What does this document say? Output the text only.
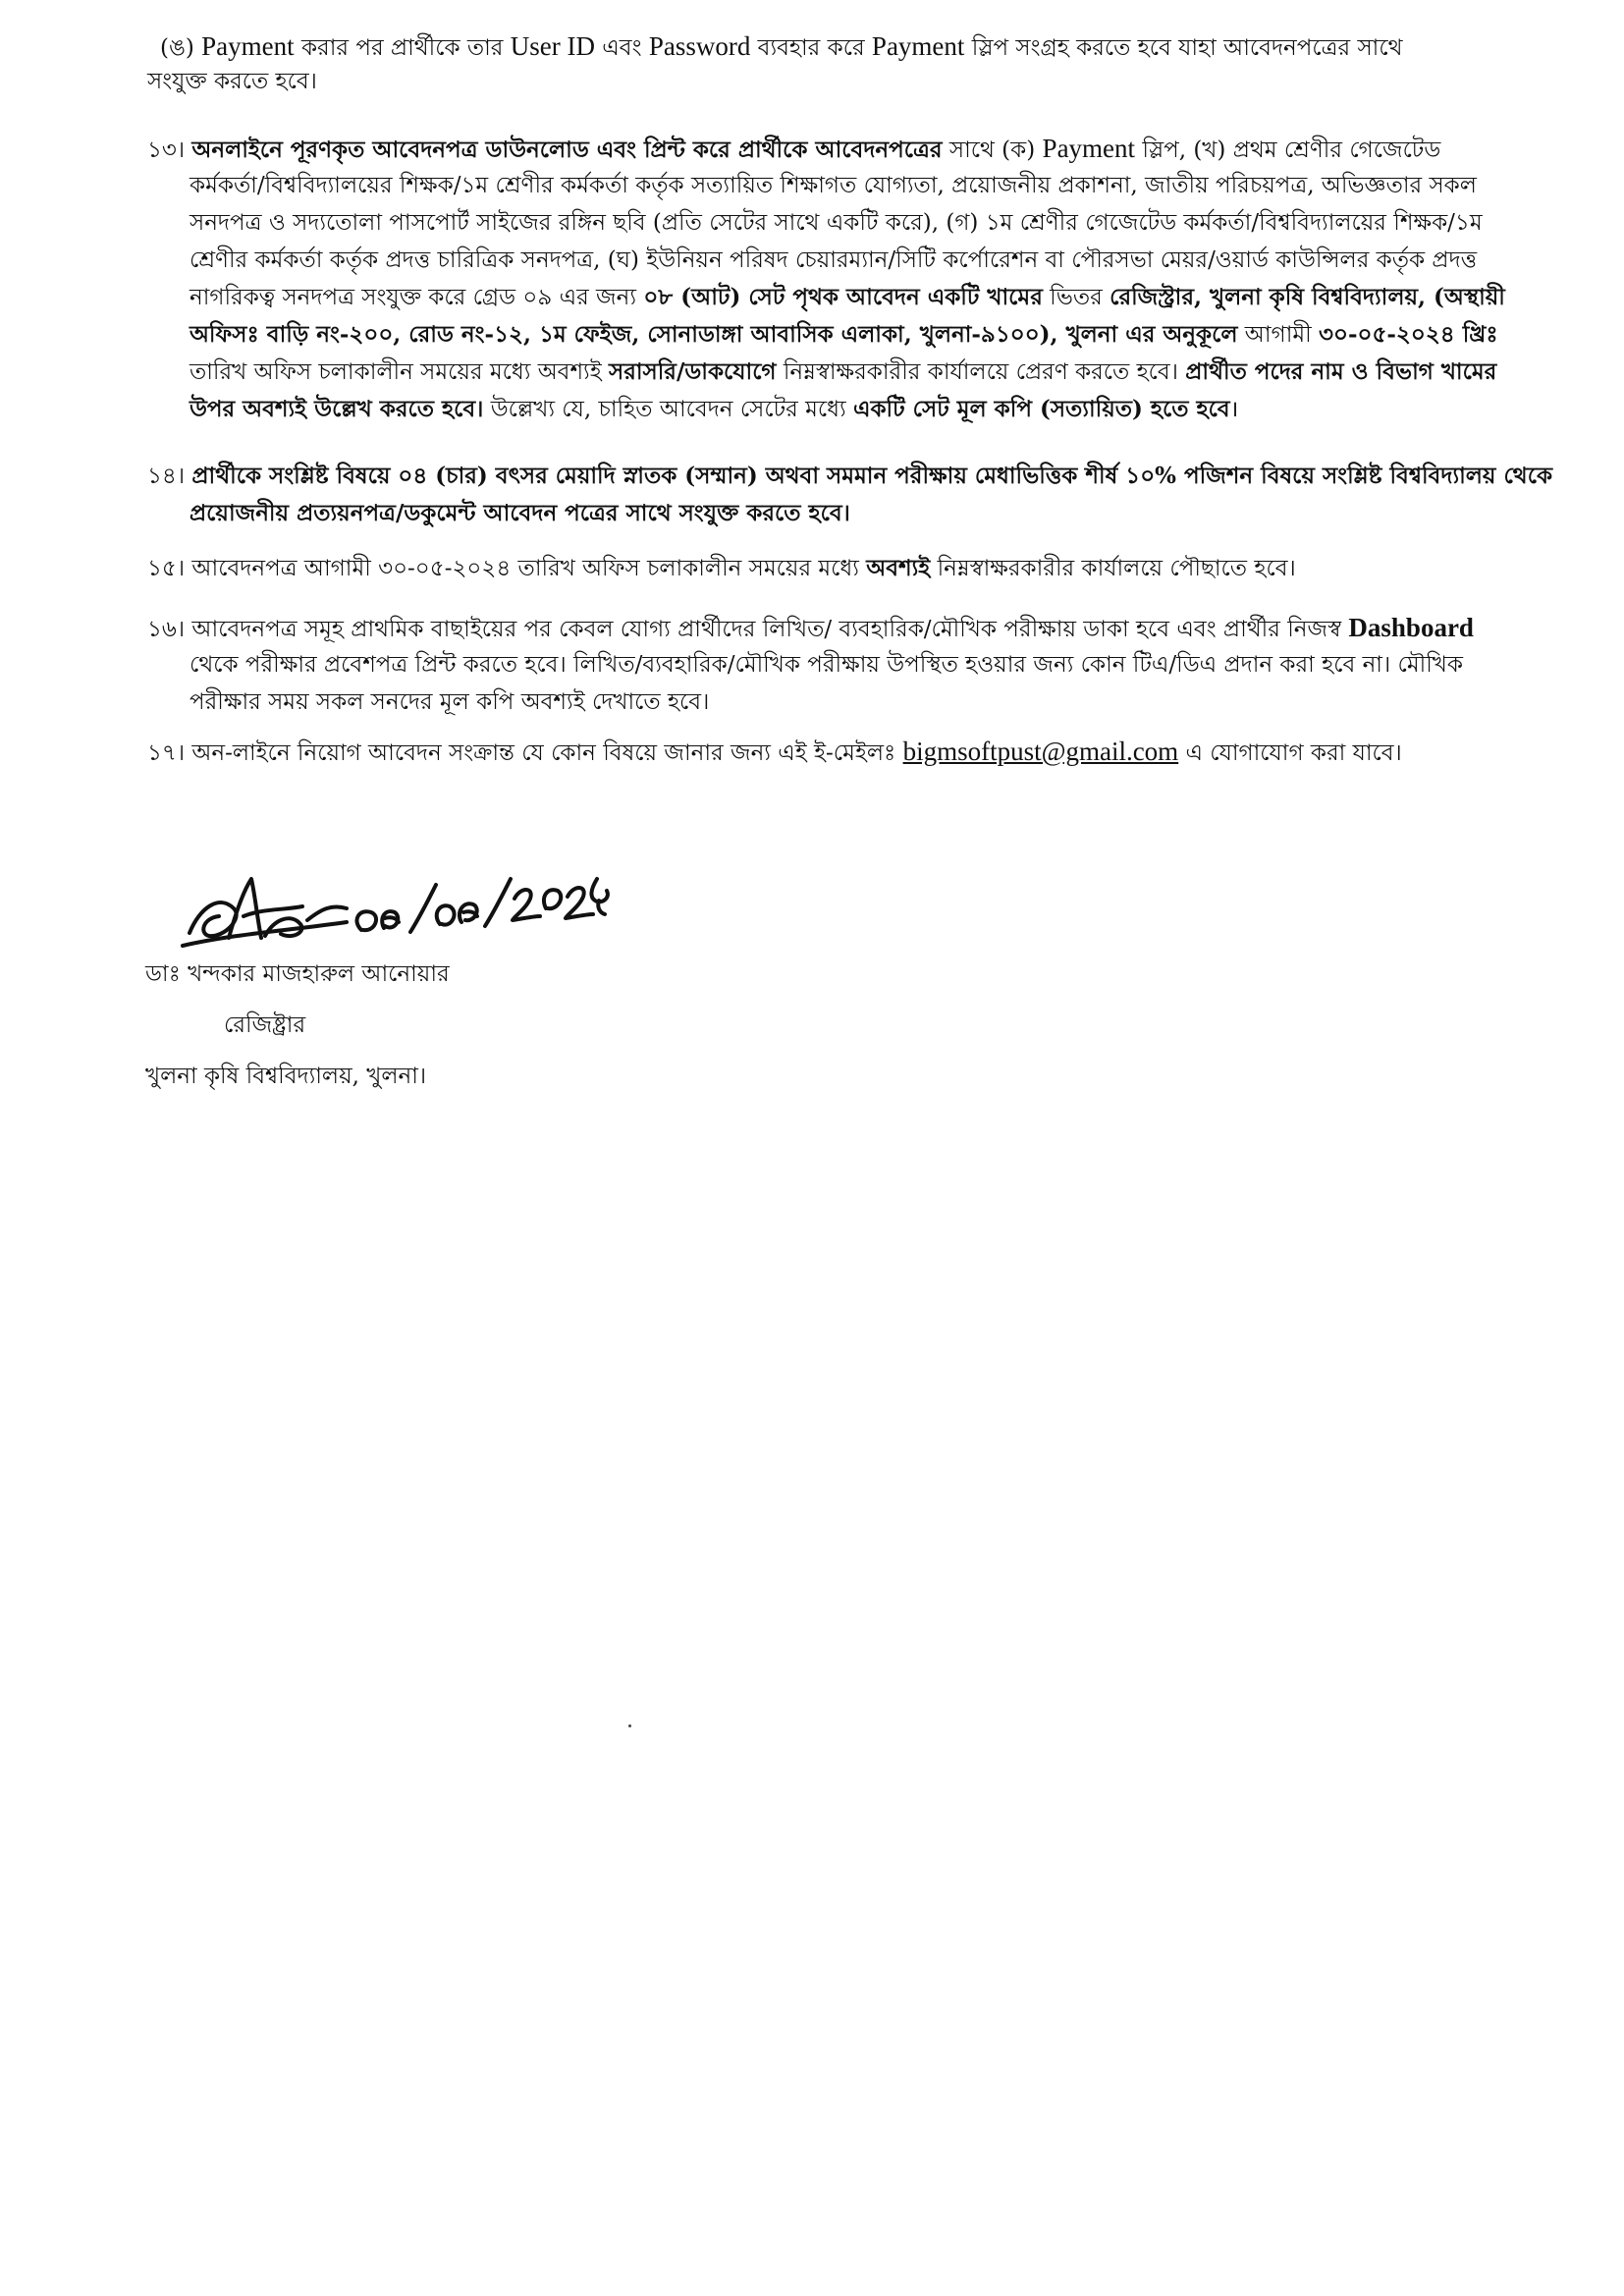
(ঙ) Payment করার পর প্রার্থীকে তার User ID এবং Password ব্যবহার করে Payment স্লিপ সংগ্রহ করতে হবে যাহা আবেদনপত্রের সাথে
সংযুক্ত করতে হবে।
১৩। অনলাইনে পূরণকৃত আবেদনপত্র ডাউনলোড এবং প্রিন্ট করে প্রার্থীকে আবেদনপত্রের সাথে (ক) Payment স্লিপ, (খ) প্রথম শ্রেণীর গেজেটেড
কর্মকর্তা/বিশ্ববিদ্যালয়ের শিক্ষক/১ম শ্রেণীর কর্মকর্তা কর্তৃক সত্যায়িত শিক্ষাগত যোগ্যতা, প্রয়োজনীয় প্রকাশনা, জাতীয় পরিচয়পত্র, অভিজ্ঞতার সকল
সনদপত্র ও সদ্যতোলা পাসপোর্ট সাইজের রঙ্গিন ছবি (প্রতি সেটের সাথে একটি করে), (গ) ১ম শ্রেণীর গেজেটেড কর্মকর্তা/বিশ্ববিদ্যালয়ের শিক্ষক/১ম
শ্রেণীর কর্মকর্তা কর্তৃক প্রদত্ত চারিত্রিক সনদপত্র, (ঘ) ইউনিয়ন পরিষদ চেয়ারম্যান/সিটি কর্পোরেশন বা পৌরসভা মেয়র/ওয়ার্ড কাউন্সিলর কর্তৃক প্রদত্ত
নাগরিকত্ব সনদপত্র সংযুক্ত করে গ্রেড ০৯ এর জন্য ০৮ (আট) সেট পৃথক আবেদন একটি খামের ভিতর রেজিস্ট্রার, খুলনা কৃষি বিশ্ববিদ্যালয়, (অস্থায়ী
অফিসঃ বাড়ি নং-২০০, রোড নং-১২, ১ম ফেইজ, সোনাডাঙ্গা আবাসিক এলাকা, খুলনা-৯১০০), খুলনা এর অনুকূলে আগামী ৩০-০৫-২০২৪ খ্রিঃ
তারিখ অফিস চলাকালীন সময়ের মধ্যে অবশ্যই সরাসরি/ডাকযোগে নিম্নস্বাক্ষরকারীর কার্যালয়ে প্রেরণ করতে হবে। প্রার্থীত পদের নাম ও বিভাগ খামের
উপর অবশ্যই উল্লেখ করতে হবে। উল্লেখ্য যে, চাহিত আবেদন সেটের মধ্যে একটি সেট মূল কপি (সত্যায়িত) হতে হবে।
১৪। প্রার্থীকে সংশ্লিষ্ট বিষয়ে ০৪ (চার) বৎসর মেয়াদি স্নাতক (সম্মান) অথবা সমমান পরীক্ষায় মেধাভিত্তিক শীর্ষ ১০% পজিশন বিষয়ে সংশ্লিষ্ট বিশ্ববিদ্যালয় থেকে
প্রয়োজনীয় প্রত্যয়নপত্র/ডকুমেন্ট আবেদন পত্রের সাথে সংযুক্ত করতে হবে।
১৫। আবেদনপত্র আগামী ৩০-০৫-২০২৪ তারিখ অফিস চলাকালীন সময়ের মধ্যে অবশ্যই নিম্নস্বাক্ষরকারীর কার্যালয়ে পৌছাতে হবে।
১৬। আবেদনপত্র সমূহ প্রাথমিক বাছাইয়ের পর কেবল যোগ্য প্রার্থীদের লিখিত/ ব্যবহারিক/মৌখিক পরীক্ষায় ডাকা হবে এবং প্রার্থীর নিজস্ব Dashboard
থেকে পরীক্ষার প্রবেশপত্র প্রিন্ট করতে হবে। লিখিত/ব্যবহারিক/মৌখিক পরীক্ষায় উপস্থিত হওয়ার জন্য কোন টিএ/ডিএ প্রদান করা হবে না। মৌখিক
পরীক্ষার সময় সকল সনদের মূল কপি অবশ্যই দেখাতে হবে।
১৭। অন-লাইনে নিয়োগ আবেদন সংক্রান্ত যে কোন বিষয়ে জানার জন্য এই ই-মেইলঃ bigmsoftpust@gmail.com এ যোগাযোগ করা যাবে।
ডাঃ খন্দকার মাজহারুল আনোয়ার
রেজিষ্ট্রার
খুলনা কৃষি বিশ্ববিদ্যালয়, খুলনা।
